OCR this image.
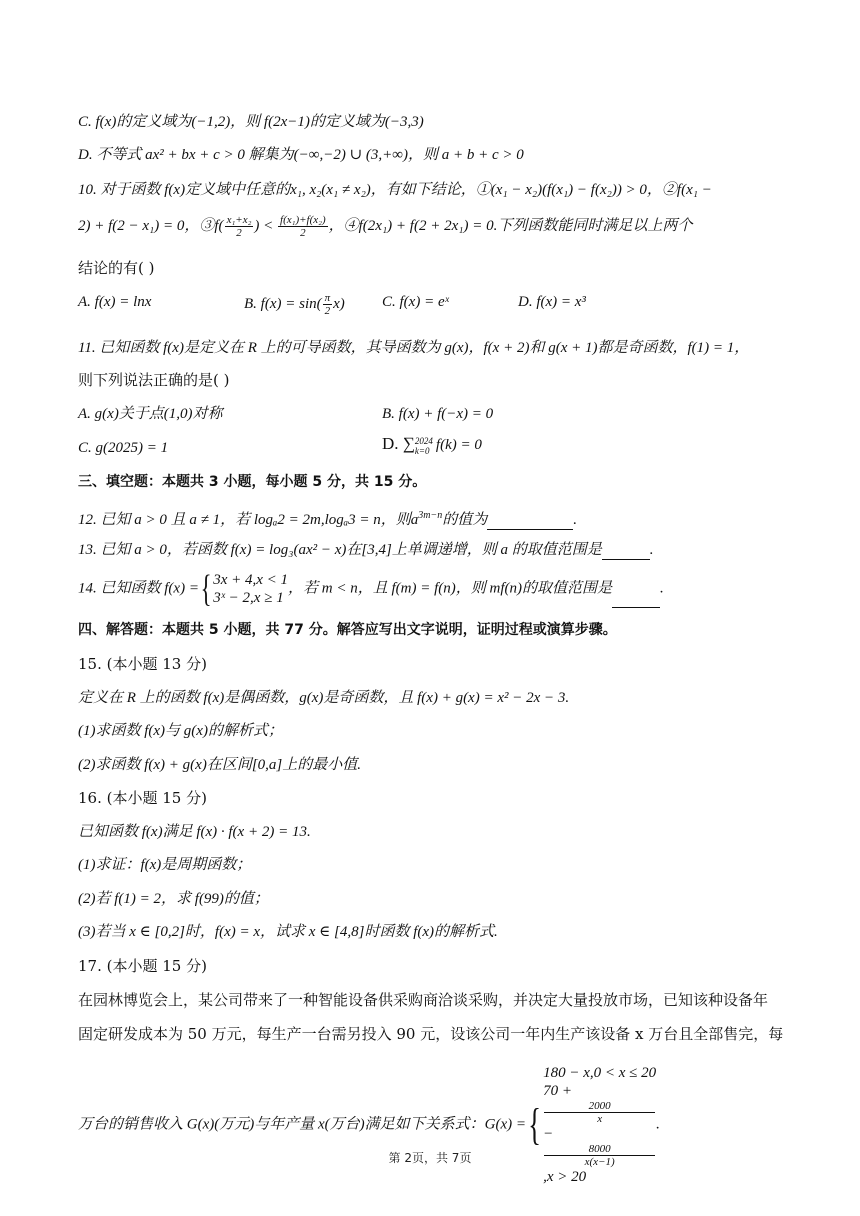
C. f(x)的定义域为(−1,2)，则 f(2x−1)的定义域为(−3,3)
D. 不等式 ax² + bx + c > 0 解集为(−∞,−2) ∪ (3,+∞)，则 a + b + c > 0
10. 对于函数 f(x)定义域中任意的x₁, x₂(x₁ ≠ x₂)，有如下结论，①(x₁ − x₂)(f(x₁) − f(x₂)) > 0，②f(x₁ −
2) + f(2 − x₁) = 0，③f( $\frac{\text{x₁+x₂}}{2}$ ) < $\frac{\text{f(x₁)+f(x₂)}}{2}$ ，④f(2x₁) + f(2 + 2x₁) = 0.下列函数能同时满足以上两个
结论的有( )
A. f(x) = lnx	B. $f(x) = \sin( \frac{\pi}{2} x)$ C. f(x) = eˣ	D. f(x) = x³
11. 已知函数 f(x)是定义在 R 上的可导函数，其导函数为 g(x)，f(x + 2)和 g(x + 1)都是奇函数，f(1) = 1，
则下列说法正确的是( )
A. g(x)关于点(1,0)对称	B. f(x) + f(−x) = 0
C. g(2025) = 1	D. ∑ 2024
k=0 f(k) = 0
三、填空题：本题共 3 小题，每小题 5 分，共 15 分。
12. 已知 a > 0 且 a ≠ 1，若 logₐ2 = 2m,logₐ3 = n，则$a^{3m-n}$的值为	.
13. 已知 a > 0，若函数 f(x) = log₃(ax² − x)在[3,4]上单调递增，则 a 的取值范围是	.
14. 已知函数 f(x) ={ 3x + 4,x < 1
3ˣ − 2,x ≥ 1
，若 m < n，且 f(m) = f(n)，则 mf(n)的取值范围是	.
四、解答题：本题共 5 小题，共 77 分。解答应写出文字说明，证明过程或演算步骤。
15. (本小题 13 分)
定义在 R 上的函数 f(x)是偶函数，g(x)是奇函数，且 f(x) + g(x) = x² − 2x − 3.
(1)求函数 f(x)与 g(x)的解析式；
(2)求函数 f(x) + g(x)在区间[0,a]上的最小值.
16. (本小题 15 分)
已知函数 f(x)满足 f(x) · f(x + 2) = 13.
(1)求证：f(x)是周期函数；
(2)若 f(1) = 2，求 f(99)的值；
(3)若当 x ∈ [0,2]时，f(x) = x，试求 x ∈ [4,8]时函数 f(x)的解析式.
17. (本小题 15 分)
在园林博览会上，某公司带来了一种智能设备供采购商洽谈采购，并决定大量投放市场，已知该种设备年
固定研发成本为 50 万元，每生产一台需另投入 90 元，设该公司一年内生产该设备 x 万台且全部售完，每
万台的销售收入 G(x)(万元)与年产量 x(万台)满足如下关系式：G(x) ={
180 − x,0 < x ≤ 20
70 +
2000
x
−
8000
x(x−1)
,x > 20
.
第 2页，共 7页
